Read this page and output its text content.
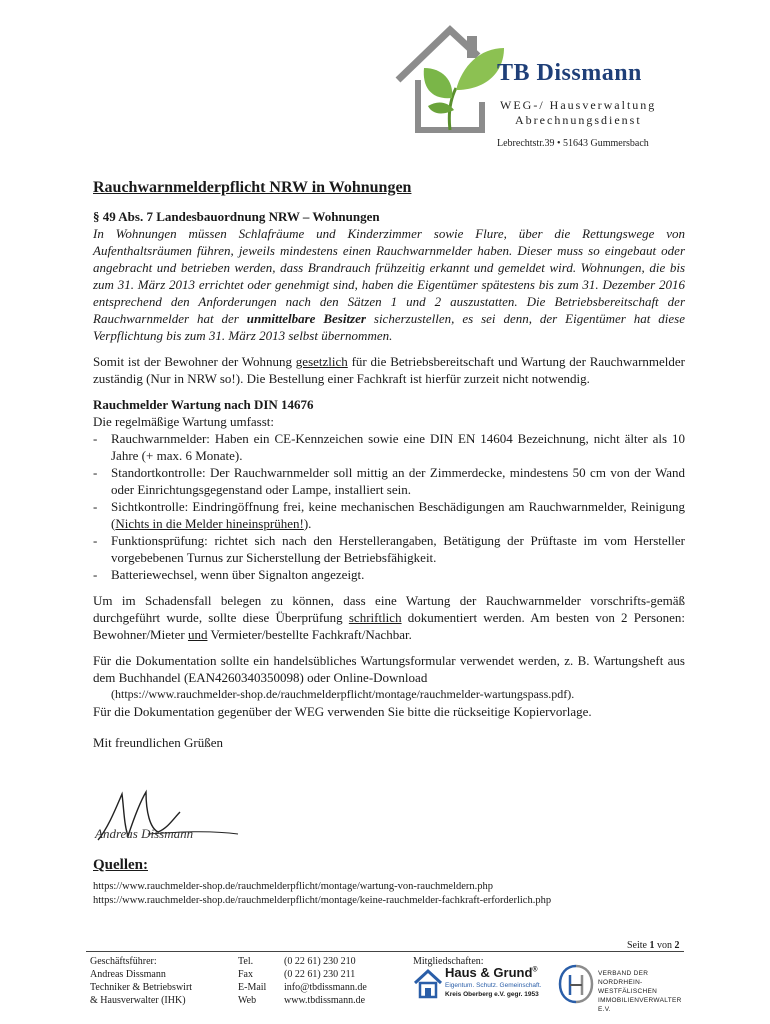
TB Dissmann
WEG-/ Hausverwaltung
Abrechnungsdienst
Lebrechtstr.39 • 51643 Gummersbach
Rauchwarnmelderpflicht NRW in Wohnungen

§ 49 Abs. 7 Landesbauordnung NRW – Wohnungen

In Wohnungen müssen Schlafräume und Kinderzimmer sowie Flure, über die Rettungswege von Aufenthaltsräumen führen, jeweils mindestens einen Rauchwarnmelder haben. Dieser muss so eingebaut oder angebracht und betrieben werden, dass Brandrauch frühzeitig erkannt und gemeldet wird. Wohnungen, die bis zum 31. März 2013 errichtet oder genehmigt sind, haben die Eigentümer spätestens bis zum 31. Dezember 2016 entsprechend den Anforderungen nach den Sätzen 1 und 2 auszustatten. Die Betriebsbereitschaft der Rauchwarnmelder hat der unmittelbare Besitzer sicherzustellen, es sei denn, der Eigentümer hat diese Verpflichtung bis zum 31. März 2013 selbst übernommen.

Somit ist der Bewohner der Wohnung gesetzlich für die Betriebsbereitschaft und Wartung der Rauchwarnmelder zuständig (Nur in NRW so!). Die Bestellung einer Fachkraft ist hierfür zurzeit nicht notwendig.

Rauchmelder Wartung nach DIN 14676

Die regelmäßige Wartung umfasst:

- Rauchwarnmelder: Haben ein CE-Kennzeichen sowie eine DIN EN 14604 Bezeichnung, nicht älter als 10 Jahre (+ max. 6 Monate).
- Standortkontrolle: Der Rauchwarnmelder soll mittig an der Zimmerdecke, mindestens 50 cm von der Wand oder Einrichtungsgegenstand oder Lampe, installiert sein.
- Sichtkontrolle: Eindringöffnung frei, keine mechanischen Beschädigungen am Rauchwarnmelder, Reinigung (Nichts in die Melder hineinsprühen!).
- Funktionsprüfung: richtet sich nach den Herstellerangaben, Betätigung der Prüftaste im vom Hersteller vorgebebenen Turnus zur Sicherstellung der Betriebsfähigkeit.
- Batteriewechsel, wenn über Signalton angezeigt.

Um im Schadensfall belegen zu können, dass eine Wartung der Rauchwarnmelder vorschrifts-gemäß durchgeführt wurde, sollte diese Überprüfung schriftlich dokumentiert werden. Am besten von 2 Personen: Bewohner/Mieter und Vermieter/bestellte Fachkraft/Nachbar.

Für die Dokumentation sollte ein handelsübliches Wartungsformular verwendet werden, z. B. Wartungsheft aus dem Buchhandel (EAN4260340350098) oder Online-Download

(https://www.rauchmelder-shop.de/rauchmelderpflicht/montage/rauchmelder-wartungspass.pdf).

Für die Dokumentation gegenüber der WEG verwenden Sie bitte die rückseitige Kopiervorlage.

Mit freundlichen Grüßen

Andreas Dissmann
Quellen:
https://www.rauchmelder-shop.de/rauchmelderpflicht/montage/wartung-von-rauchmeldern.php
https://www.rauchmelder-shop.de/rauchmelderpflicht/montage/keine-rauchmelder-fachkraft-erforderlich.php
Seite 1 von 2
Geschäftsführer:
Andreas Dissmann
Techniker & Betriebswirt
& Hausverwalter (IHK)
Tel.
Fax
E-Mail
Web
(0 22 61) 230 210
(0 22 61) 230 211
info@tbdissmann.de
www.tbdissmann.de
Mitgliedschaften:
Haus & Grund®
Eigentum. Schutz. Gemeinschaft.
Kreis Oberberg e.V. gegr. 1953
VERBAND DER
NORDRHEIN-WESTFÄLISCHEN
IMMOBILIENVERWALTER E.V.
